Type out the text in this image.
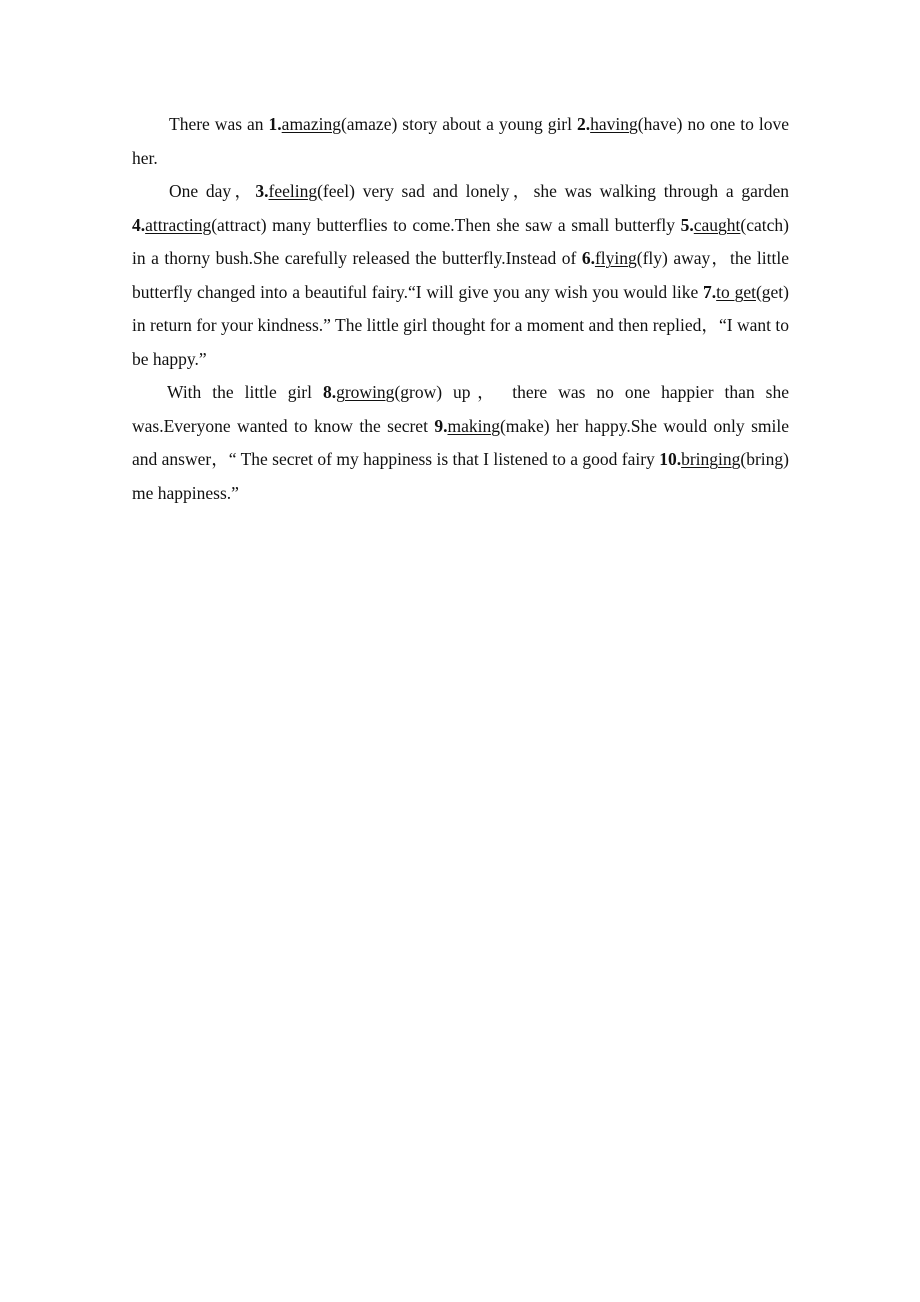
There was an 1.amazing(amaze) story about a young girl 2.having(have) no one to love her.

One day，3.feeling(feel) very sad and lonely，she was walking through a garden 4.attracting(attract) many butterflies to come.Then she saw a small butterfly 5.caught(catch) in a thorny bush.She carefully released the butterfly.Instead of 6.flying(fly) away，the little butterfly changed into a beautiful fairy.“I will give you any wish you would like 7.to get(get) in return for your kindness.” The little girl thought for a moment and then replied，“I want to be happy.”

With the little girl 8.growing(grow) up， there was no one happier than she was.Everyone wanted to know the secret 9.making(make) her happy.She would only smile and answer，“ The secret of my happiness is that I listened to a good fairy 10.bringing(bring) me happiness.”
